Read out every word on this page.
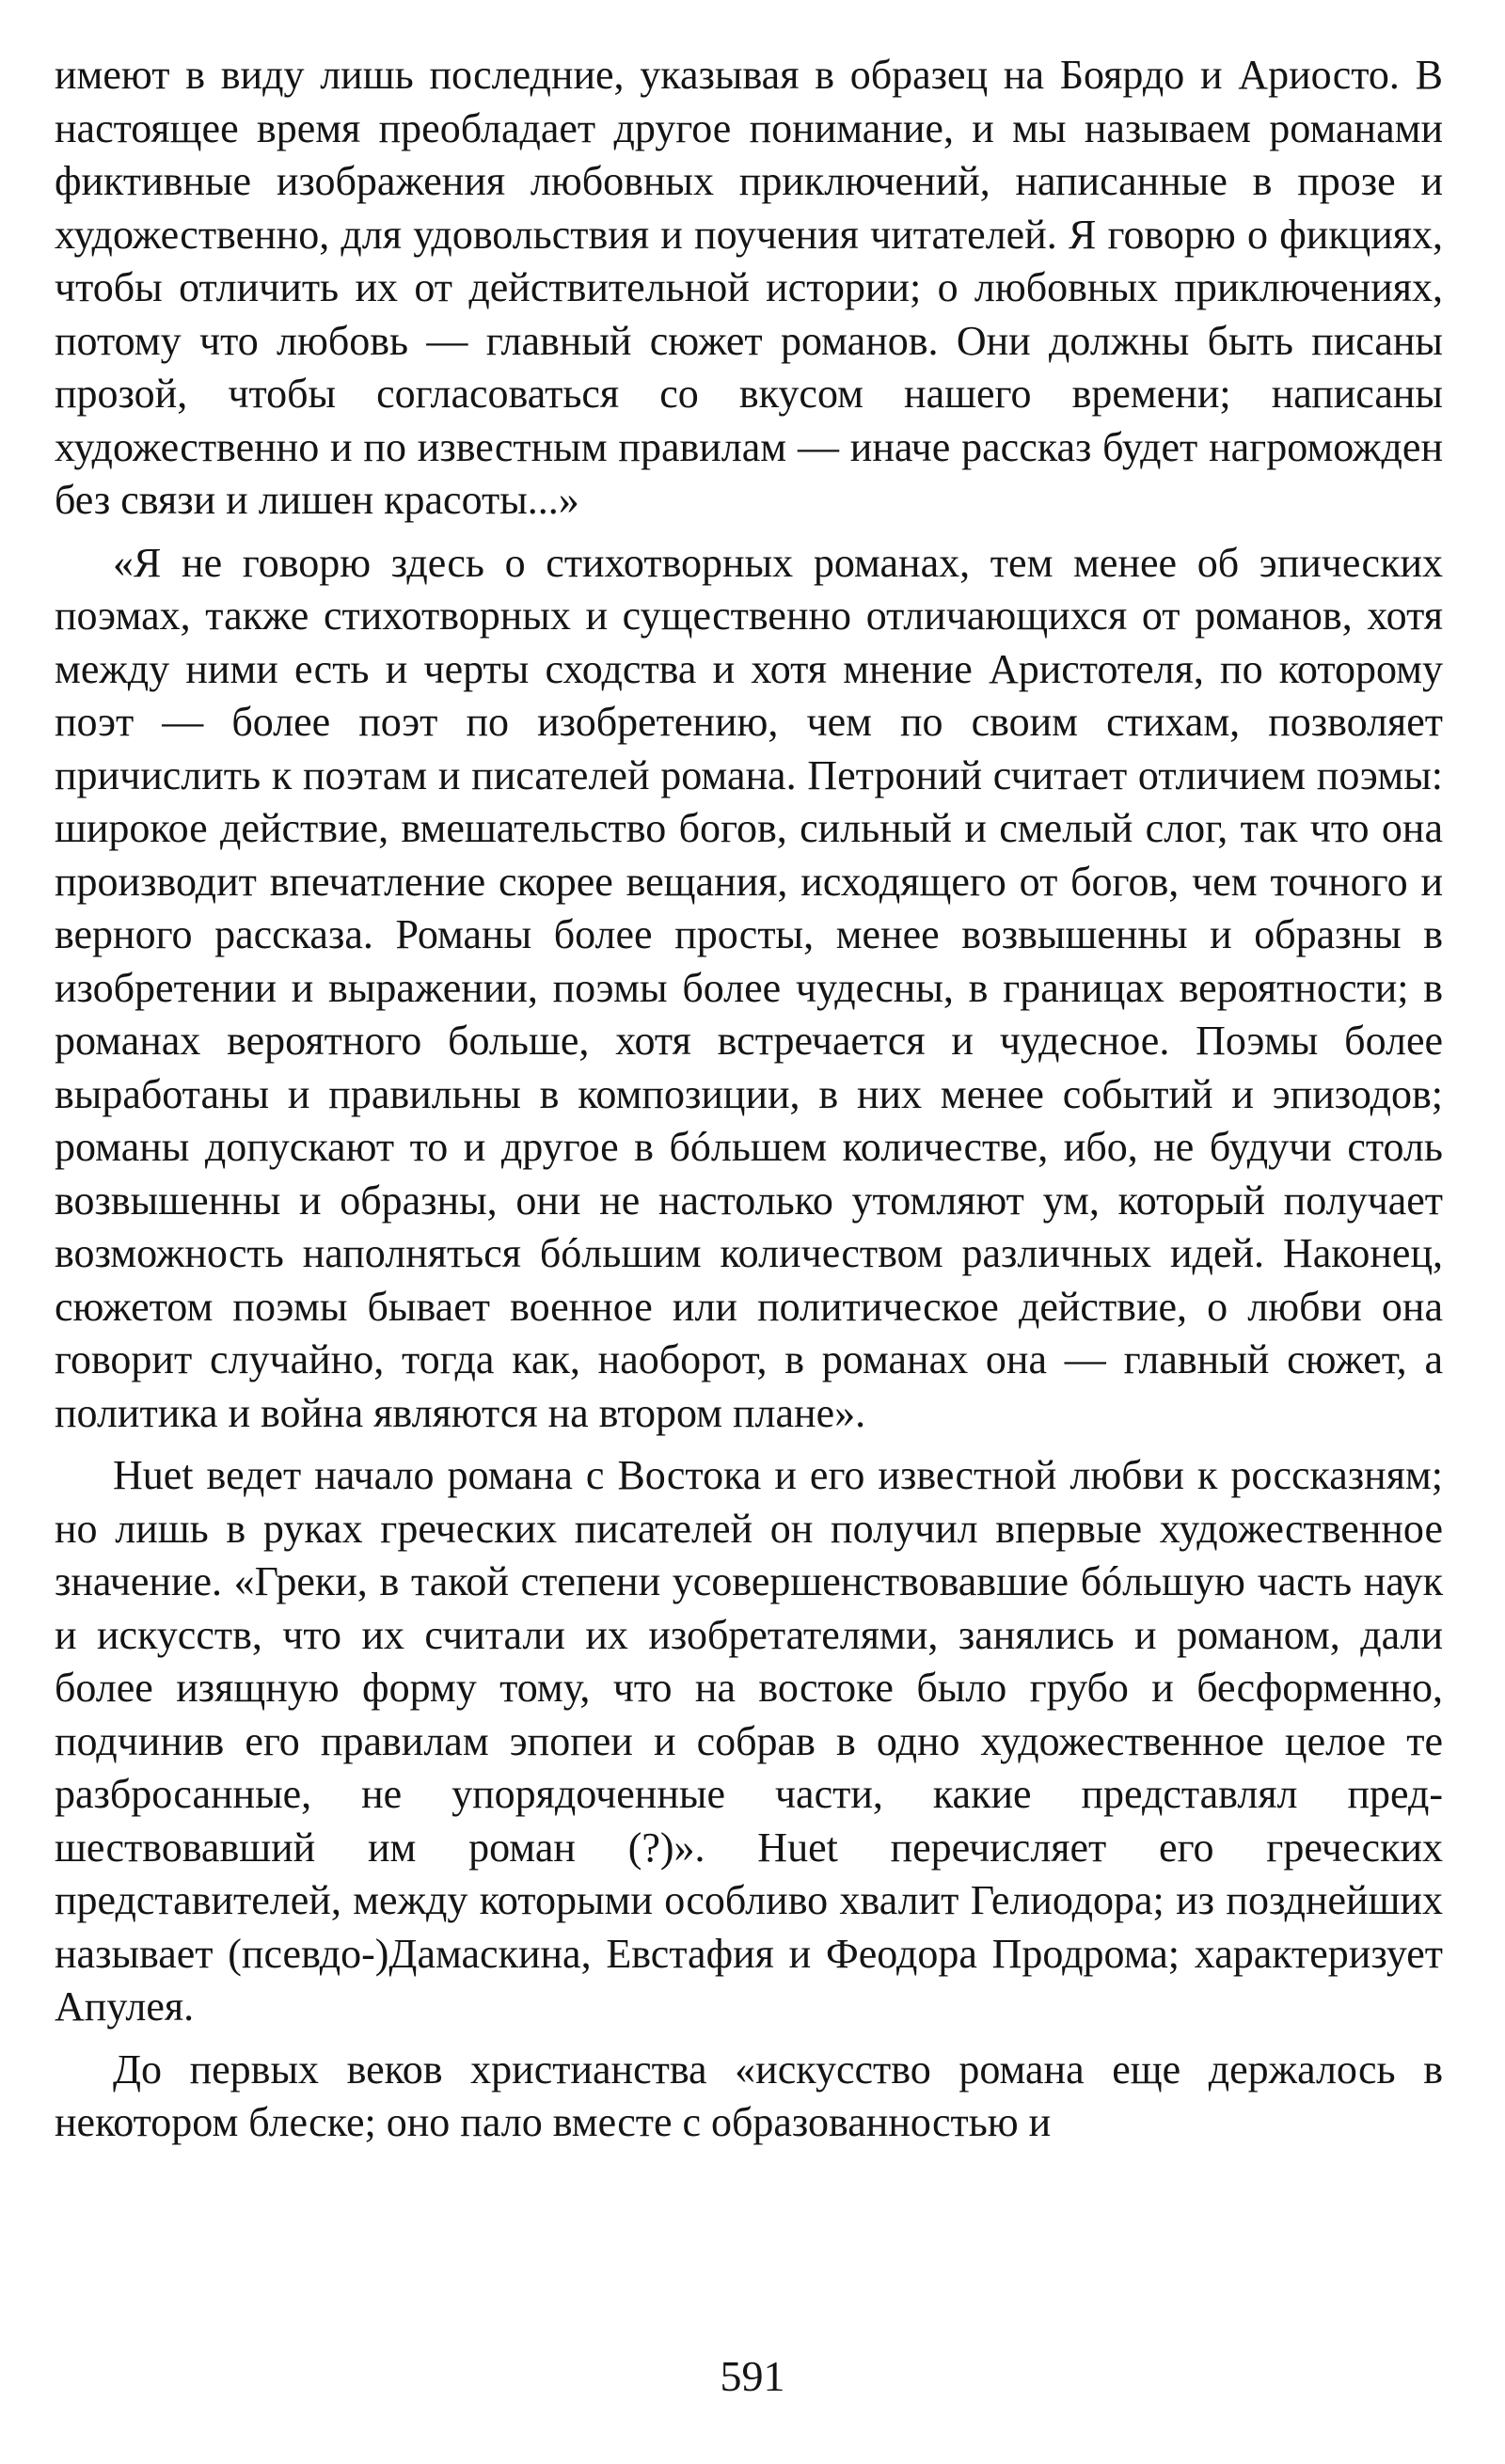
имеют в виду лишь последние, указывая в образец на Боярдо и Ариосто. В настоящее время преобладает другое понимание, и мы называем романами фиктивные изображения любовных приключений, написанные в прозе и художественно, для удовольствия и поучения читателей. Я говорю о фикциях, чтобы отличить их от действительной истории; о любовных приключениях, потому что любовь — главный сюжет романов. Они должны быть писаны прозой, чтобы согласоваться со вкусом нашего времени; написаны художественно и по известным правилам — иначе рассказ будет нагроможден без связи и лишен красоты...»

«Я не говорю здесь о стихотворных романах, тем менее об эпических поэмах, также стихотворных и существенно отличающихся от романов, хотя между ними есть и черты сходства и хотя мнение Аристотеля, по которому поэт — более поэт по изобретению, чем по своим стихам, позволяет причислить к поэтам и писателей романа. Петроний считает отличием поэмы: широкое действие, вмешательство богов, сильный и смелый слог, так что она производит впечатление скорее вещания, исходящего от богов, чем точного и верного рассказа. Романы более просты, менее возвышенны и образны в изобретении и выражении, поэмы более чудесны, в границах вероятности; в романах вероятного больше, хотя встречается и чудесное. Поэмы более выработаны и правильны в композиции, в них менее событий и эпизодов; романы допускают то и другое в бóльшем количестве, ибо, не будучи столь возвышенны и образны, они не настолько утомляют ум, который получает возможность наполняться бóльшим количеством различных идей. Наконец, сюжетом поэмы бывает военное или политическое действие, о любви она говорит случайно, тогда как, наоборот, в романах она — главный сюжет, а политика и война являются на втором плане».

Huet ведет начало романа с Востока и его известной любви к россказням; но лишь в руках греческих писателей он получил впервые художественное значение. «Греки, в такой степени усовершенствовавшие бóльшую часть наук и искусств, что их считали их изобретателями, занялись и романом, дали более изящную форму тому, что на востоке было грубо и бесформенно, подчинив его правилам эпопеи и собрав в одно художественное целое те разбросанные, не упорядоченные части, какие представлял предшествовавший им роман (?)». Huet перечисляет его греческих представителей, между которыми особливо хвалит Гелиодора; из позднейших называет (псевдо-)Дамаскина, Евстафия и Феодора Продрома; характеризует Апулея.

До первых веков христианства «искусство романа еще держалось в некотором блеске; оно пало вместе с образованностью и

591
